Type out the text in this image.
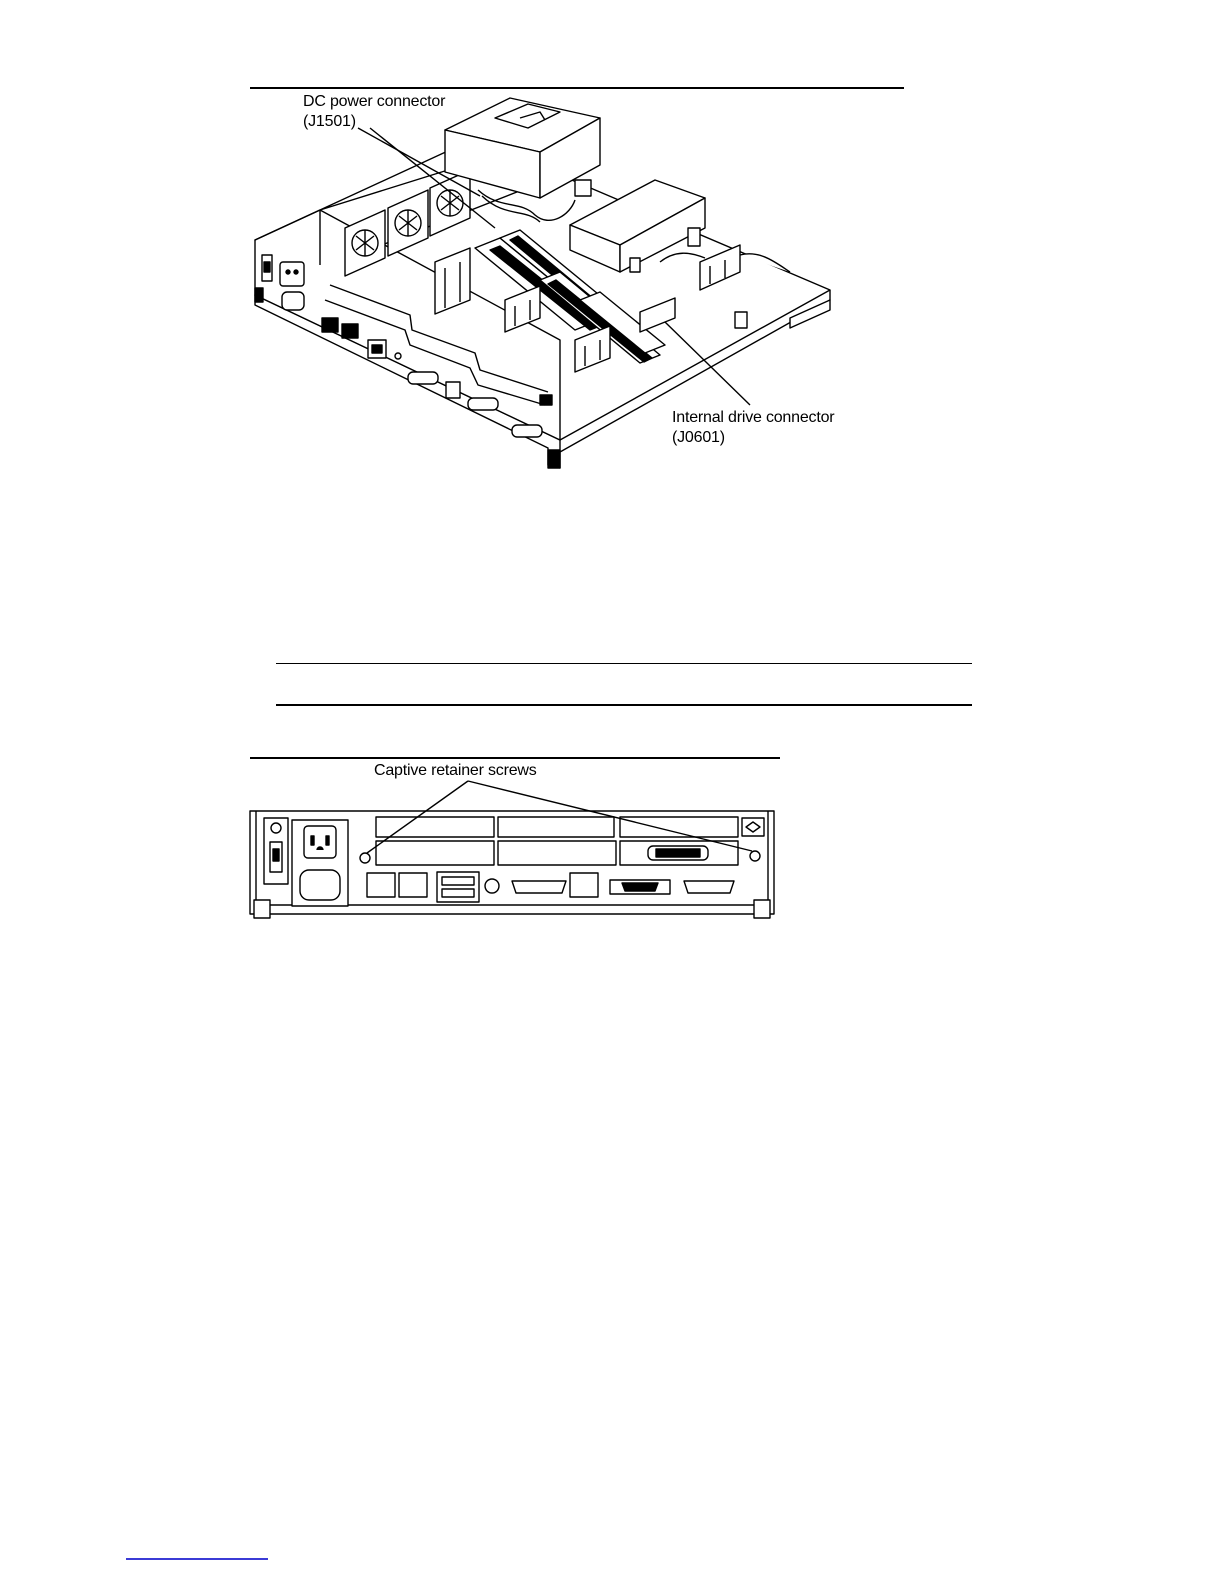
DC power connector
(J1501)
Internal drive connector
(J0601)
Captive retainer screws
